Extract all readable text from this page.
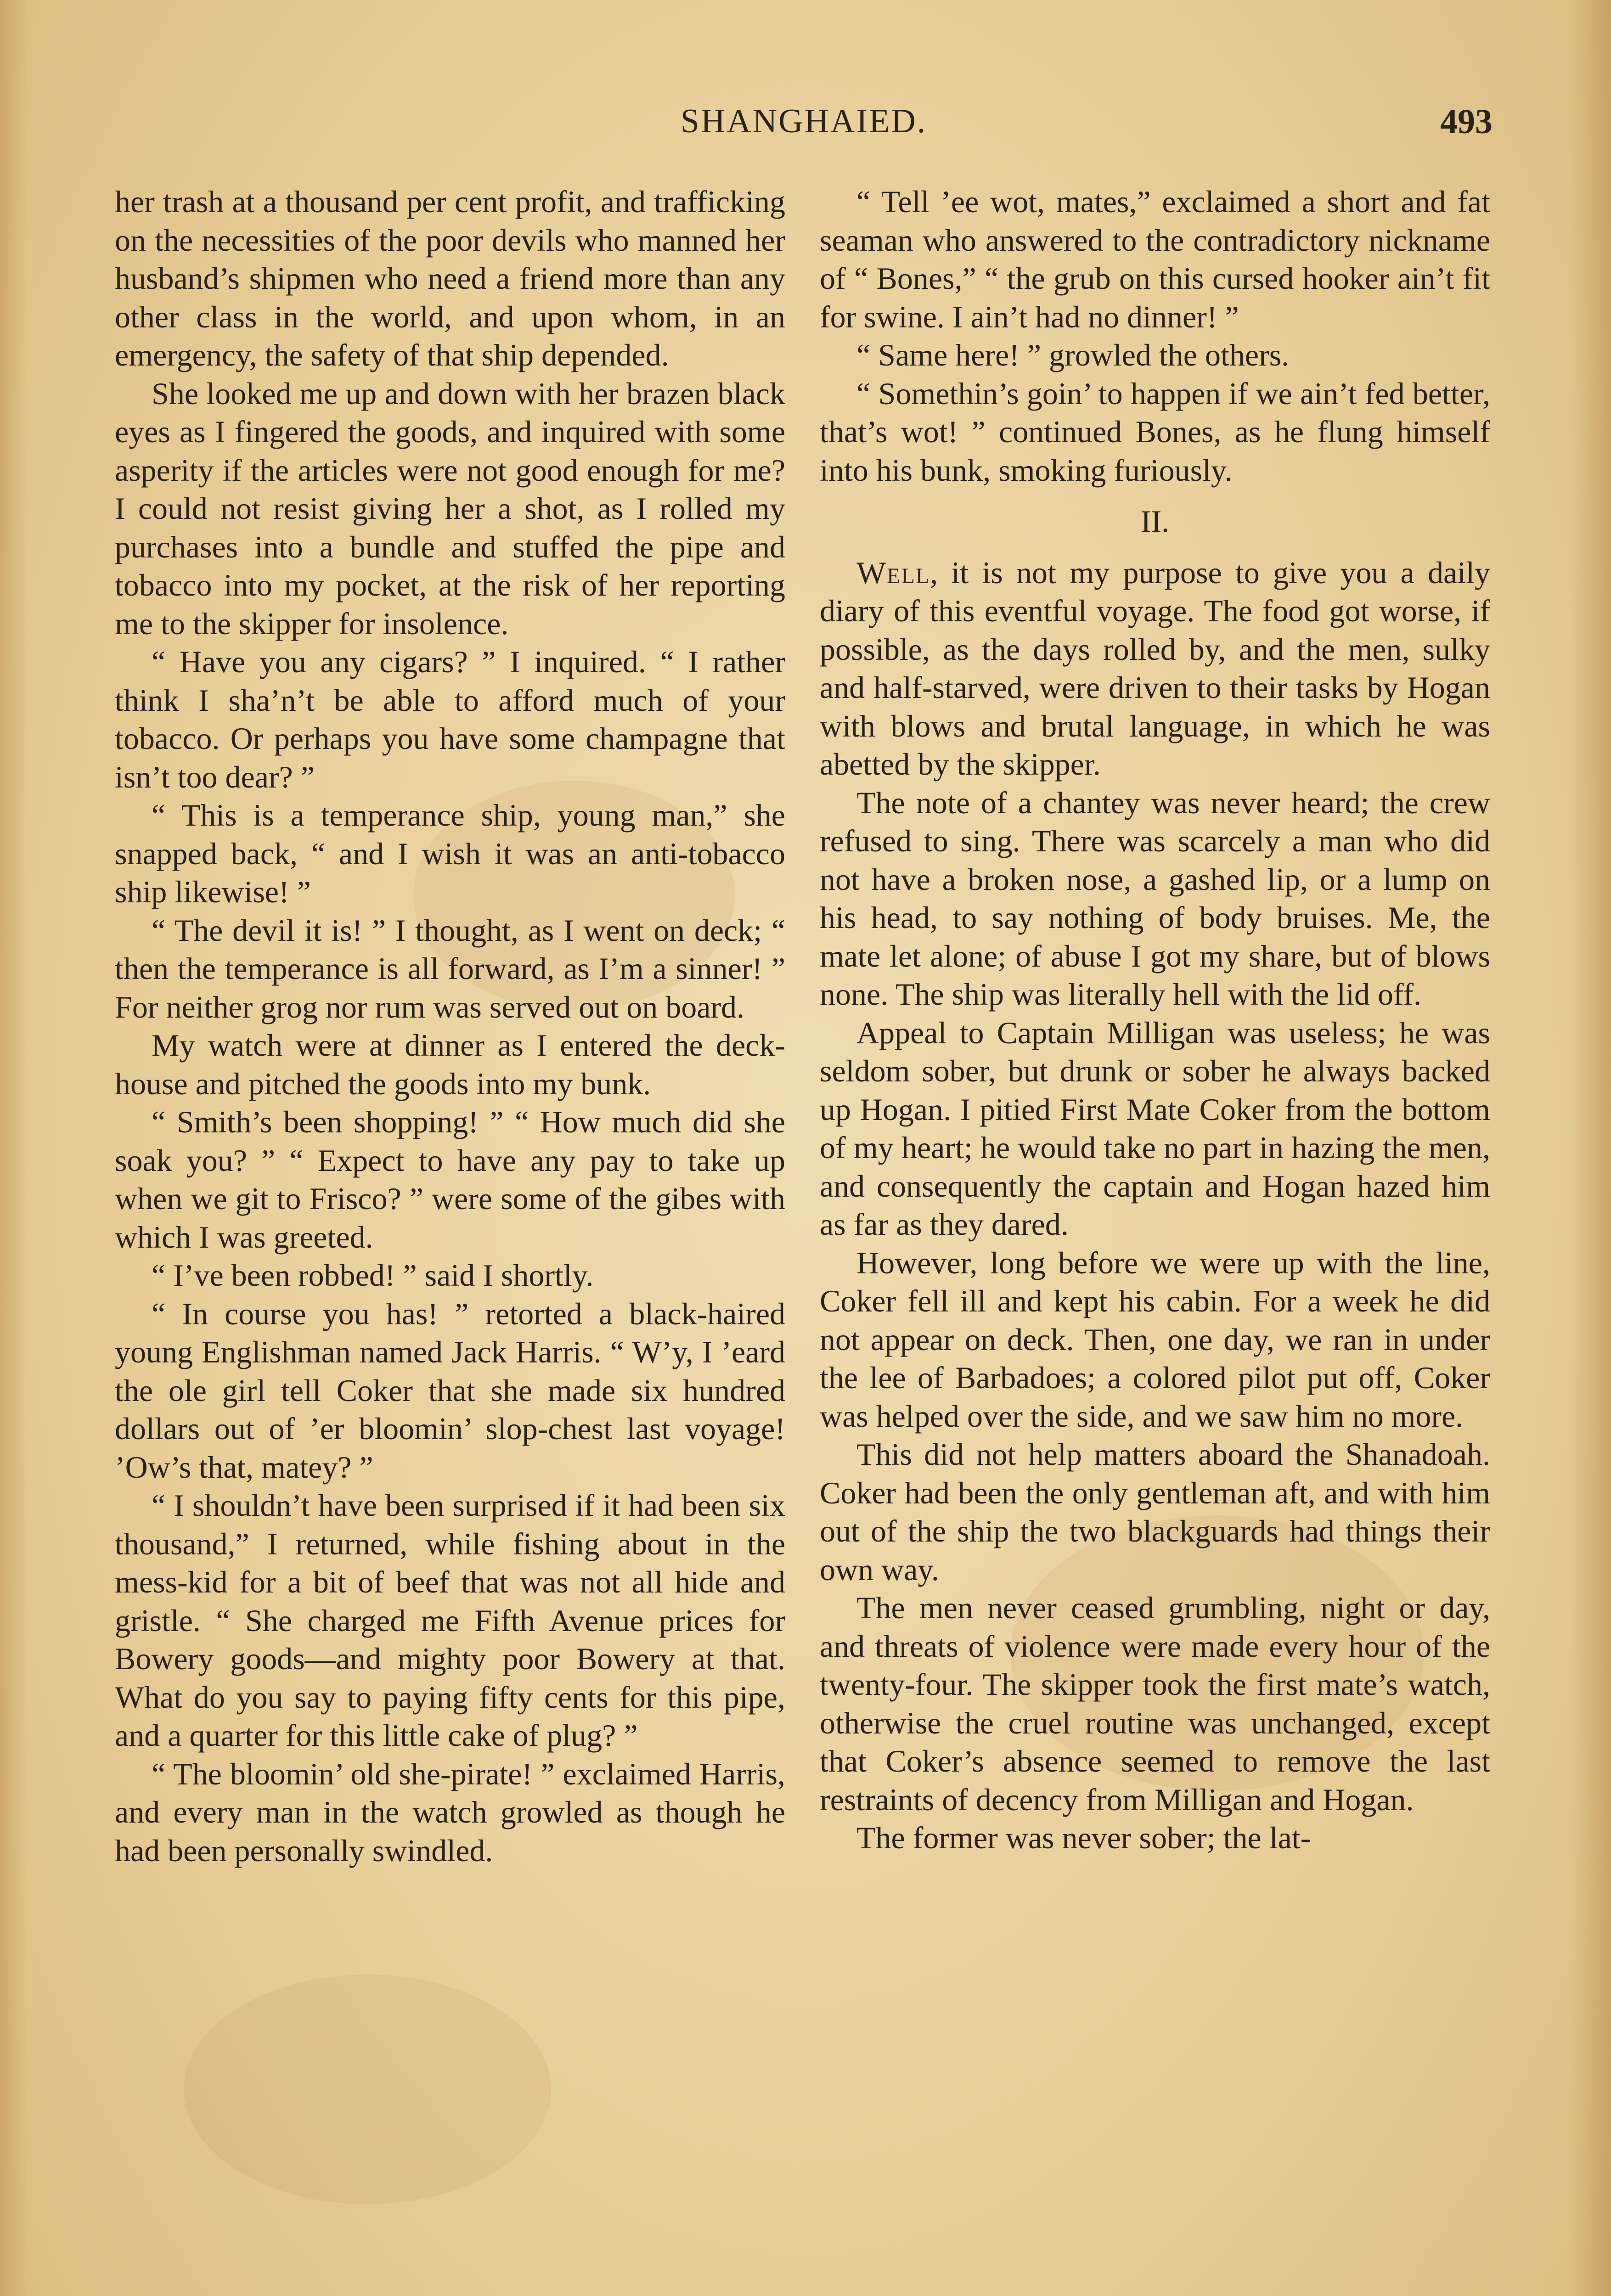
SHANGHAIED.	493

her trash at a thousand per cent profit, and trafficking on the necessities of the poor devils who manned her husband’s shipmen who need a friend more than any other class in the world, and upon whom, in an emergency, the safety of that ship depended.

She looked me up and down with her brazen black eyes as I fingered the goods, and inquired with some asperity if the articles were not good enough for me? I could not resist giving her a shot, as I rolled my purchases into a bundle and stuffed the pipe and tobacco into my pocket, at the risk of her reporting me to the skipper for insolence.

“ Have you any cigars? ” I inquired. “ I rather think I sha’n’t be able to afford much of your tobacco. Or perhaps you have some champagne that isn’t too dear? ”

“ This is a temperance ship, young man,” she snapped back, “ and I wish it was an anti-tobacco ship likewise! ”

“ The devil it is! ” I thought, as I went on deck; “ then the temperance is all forward, as I’m a sinner! ” For neither grog nor rum was served out on board.

My watch were at dinner as I entered the deck-house and pitched the goods into my bunk.

“ Smith’s been shopping! ” “ How much did she soak you? ” “ Expect to have any pay to take up when we git to Frisco? ” were some of the gibes with which I was greeted.

“ I’ve been robbed! ” said I shortly.

“ In course you has! ” retorted a black-haired young Englishman named Jack Harris. “ W’y, I ’eard the ole girl tell Coker that she made six hundred dollars out of ’er bloomin’ slop-chest last voyage! ’Ow’s that, matey? ”

“ I shouldn’t have been surprised if it had been six thousand,” I returned, while fishing about in the mess-kid for a bit of beef that was not all hide and gristle. “ She charged me Fifth Avenue prices for Bowery goods—and mighty poor Bowery at that. What do you say to paying fifty cents for this pipe, and a quarter for this little cake of plug? ”

“ The bloomin’ old she-pirate! ” exclaimed Harris, and every man in the watch growled as though he had been personally swindled.

“ Tell ’ee wot, mates,” exclaimed a short and fat seaman who answered to the contradictory nickname of “ Bones,” “ the grub on this cursed hooker ain’t fit for swine. I ain’t had no dinner! ”

“ Same here! ” growled the others.

“ Somethin’s goin’ to happen if we ain’t fed better, that’s wot! ” continued Bones, as he flung himself into his bunk, smoking furiously.

II.

Well, it is not my purpose to give you a daily diary of this eventful voyage. The food got worse, if possible, as the days rolled by, and the men, sulky and half-starved, were driven to their tasks by Hogan with blows and brutal language, in which he was abetted by the skipper.

The note of a chantey was never heard; the crew refused to sing. There was scarcely a man who did not have a broken nose, a gashed lip, or a lump on his head, to say nothing of body bruises. Me, the mate let alone; of abuse I got my share, but of blows none. The ship was literally hell with the lid off.

Appeal to Captain Milligan was useless; he was seldom sober, but drunk or sober he always backed up Hogan. I pitied First Mate Coker from the bottom of my heart; he would take no part in hazing the men, and consequently the captain and Hogan hazed him as far as they dared.

However, long before we were up with the line, Coker fell ill and kept his cabin. For a week he did not appear on deck. Then, one day, we ran in under the lee of Barbadoes; a colored pilot put off, Coker was helped over the side, and we saw him no more.

This did not help matters aboard the Shanadoah. Coker had been the only gentleman aft, and with him out of the ship the two blackguards had things their own way.

The men never ceased grumbling, night or day, and threats of violence were made every hour of the twenty-four. The skipper took the first mate’s watch, otherwise the cruel routine was unchanged, except that Coker’s absence seemed to remove the last restraints of decency from Milligan and Hogan.

The former was never sober; the lat-
